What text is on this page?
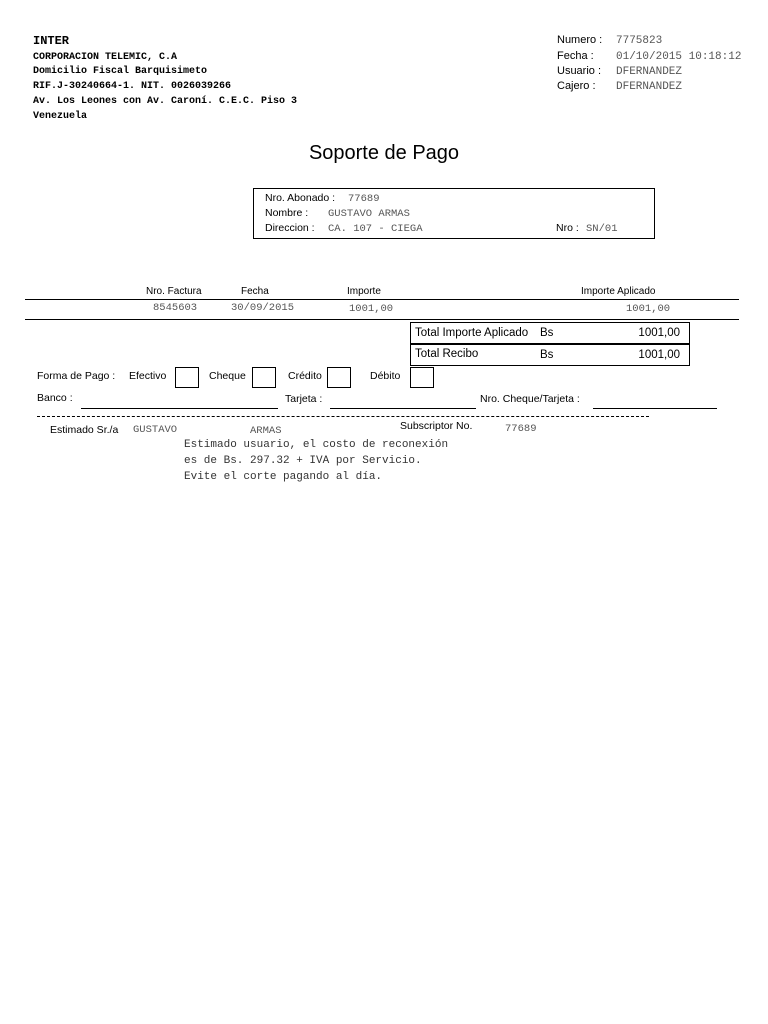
INTER
CORPORACION TELEMIC, C.A
Domicilio Fiscal Barquisimeto
RIF.J-30240664-1. NIT. 0026039266
Av. Los Leones con Av. Caroní. C.E.C. Piso 3
Venezuela
Numero : 7775823
Fecha : 01/10/2015 10:18:12
Usuario : DFERNANDEZ
Cajero : DFERNANDEZ
Soporte de Pago
Nro. Abonado : 77689
Nombre : GUSTAVO ARMAS
Direccion : CA. 107 - CIEGA	Nro : SN/01
Nro. Factura	Fecha	Importe	Importe Aplicado
8545603	30/09/2015	1001,00	1001,00
Total Importe Aplicado Bs	1001,00
Total Recibo	Bs	1001,00
Forma de Pago : Efectivo	Cheque	Crédito	Débito
Banco :	Tarjeta :	Nro. Cheque/Tarjeta :
Estimado Sr./a GUSTAVO	ARMAS	Subscriptor No.	77689
Estimado usuario, el costo de reconexión
es de Bs. 297.32 + IVA por Servicio.
Evite el corte pagando al día.
